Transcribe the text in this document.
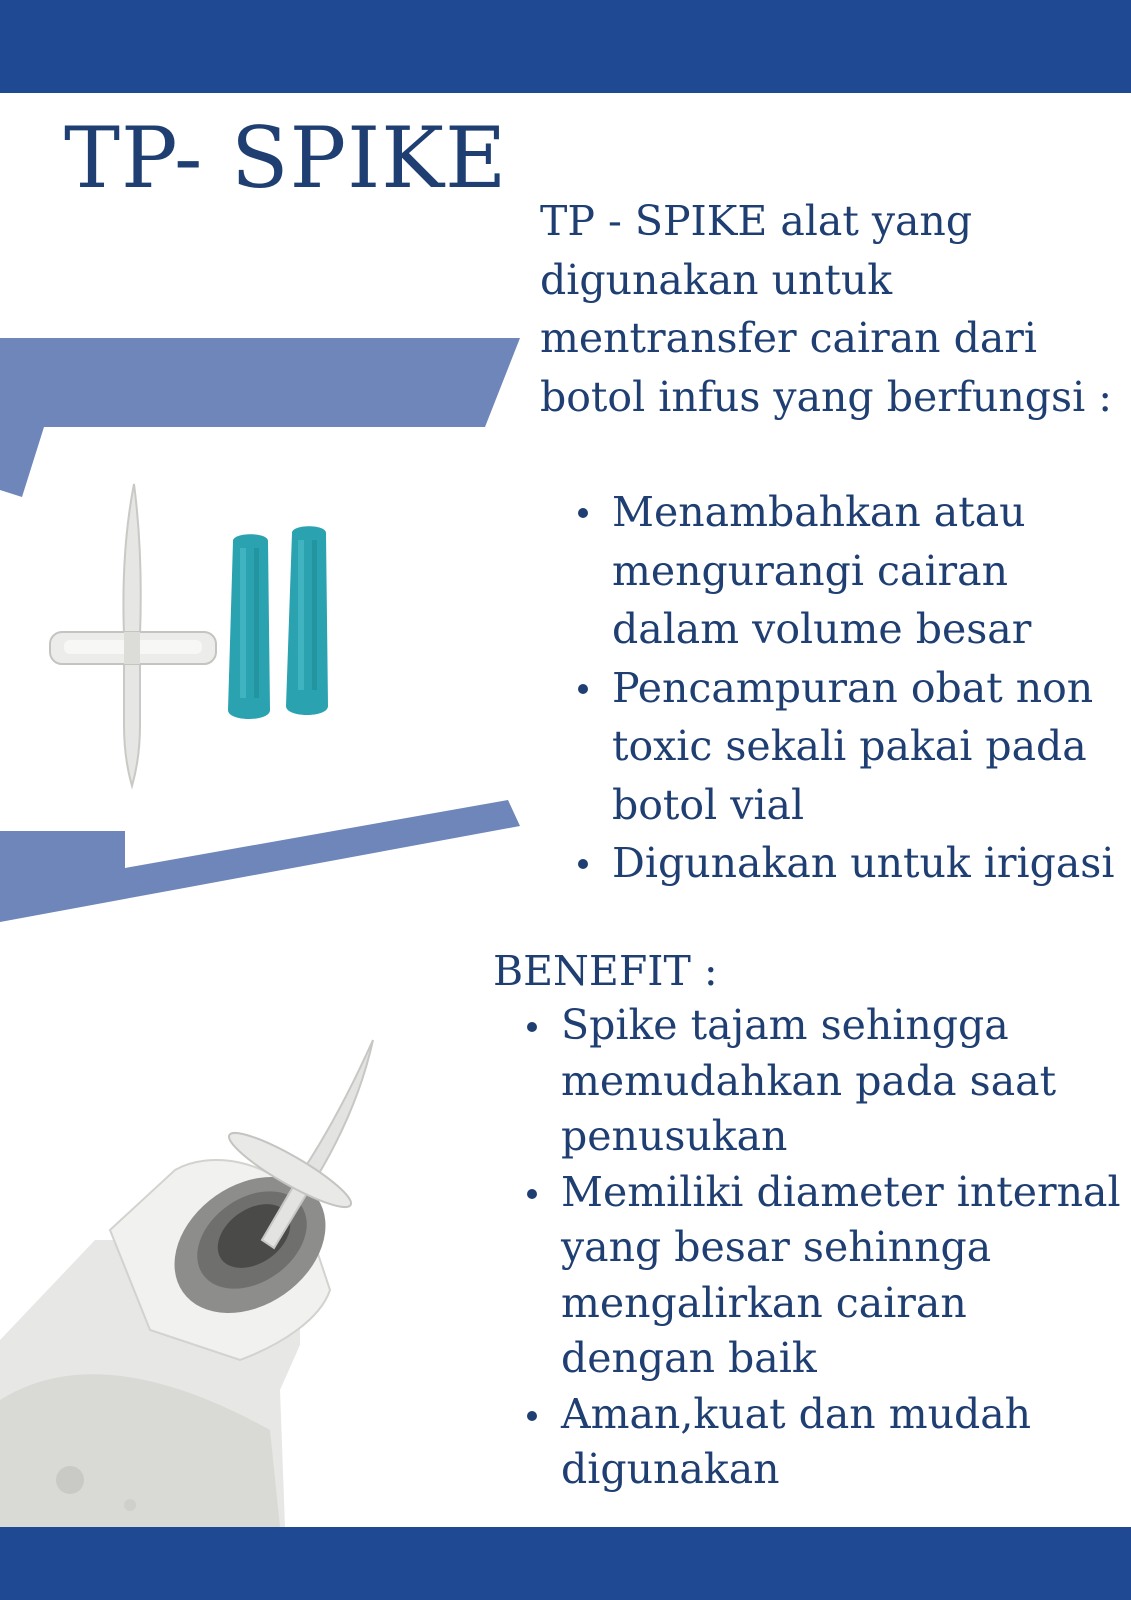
TP- SPIKE

TP - SPIKE alat yang digunakan untuk mentransfer cairan dari botol infus yang berfungsi :

Menambahkan atau mengurangi cairan dalam volume besar
Pencampuran obat non toxic sekali pakai pada botol vial
Digunakan untuk irigasi
BENEFIT :
Spike tajam sehingga memudahkan pada saat penusukan
Memiliki diameter internal yang besar sehinnga mengalirkan cairan dengan baik
Aman,kuat dan mudah digunakan
